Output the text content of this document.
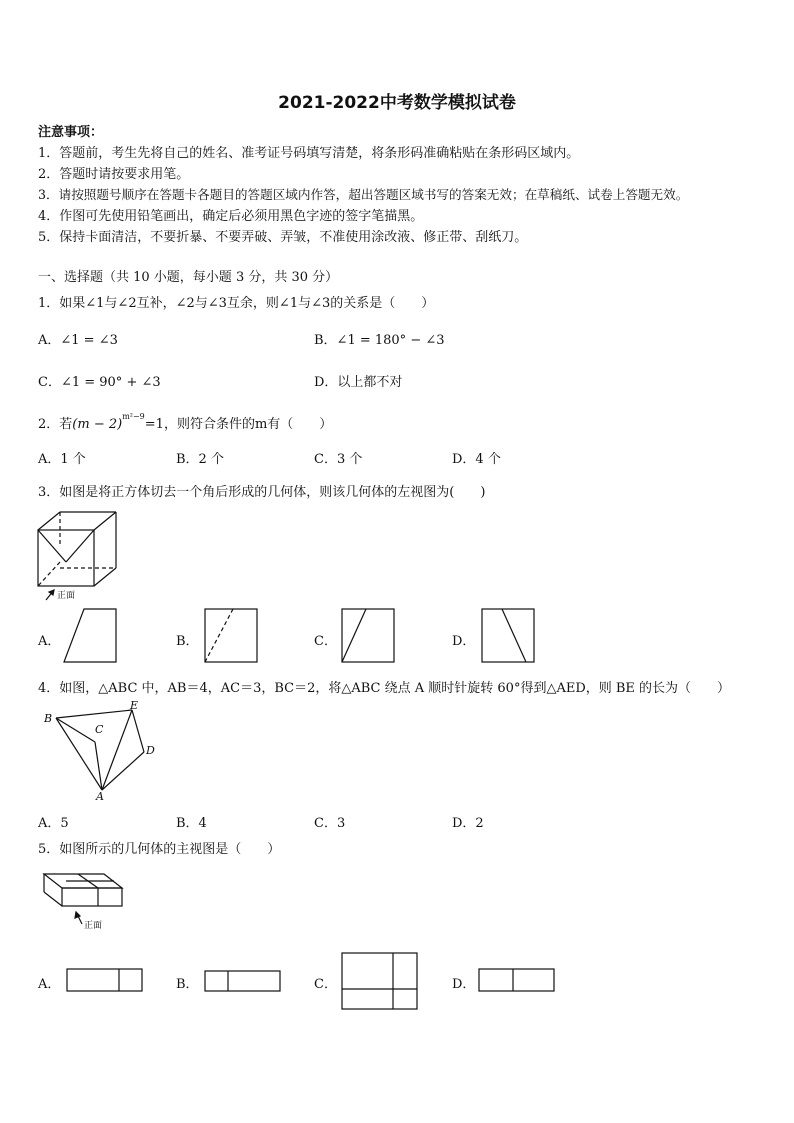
2021-2022中考数学模拟试卷
注意事项：
1．答题前，考生先将自己的姓名、准考证号码填写清楚，将条形码准确粘贴在条形码区域内。
2．答题时请按要求用笔。
3．请按照题号顺序在答题卡各题目的答题区域内作答，超出答题区域书写的答案无效；在草稿纸、试卷上答题无效。
4．作图可先使用铅笔画出，确定后必须用黑色字迹的签字笔描黑。
5．保持卡面清洁，不要折暴、不要弄破、弄皱，不准使用涂改液、修正带、刮纸刀。
一、选择题（共 10 小题，每小题 3 分，共 30 分）
1．如果∠1与∠2互补，∠2与∠3互余，则∠1与∠3的关系是（　　）
A．∠1 = ∠3	B．∠1 = 180° − ∠3
C．∠1 = 90° + ∠3	D．以上都不对
2．若$(m - 2)^{m^2-9}=1$，则符合条件的m有（　　）
A．1 个	B．2 个	C．3 个	D．4 个
3．如图是将正方体切去一个角后形成的几何体，则该几何体的左视图为(　　)
正面
A．	B．	C．	D．
4．如图，△ABC 中，AB＝4，AC＝3，BC＝2，将△ABC 绕点 A 顺时针旋转 60°得到△AED，则 BE 的长为（　　）
B
C
E
D
A
A．5	B．4	C．3	D．2
5．如图所示的几何体的主视图是（　　）
正面
A．	B．	C．	D．
